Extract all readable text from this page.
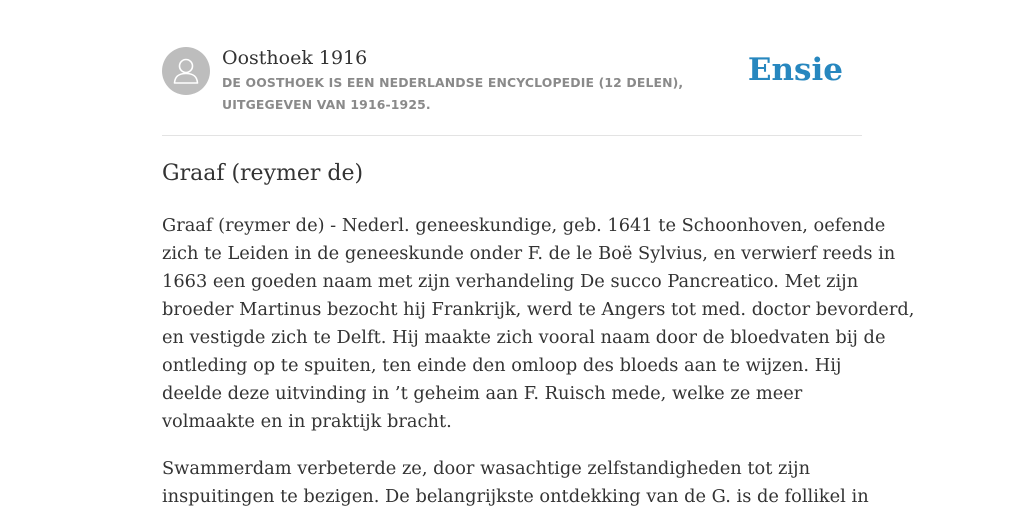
Oosthoek 1916
DE OOSTHOEK IS EEN NEDERLANDSE ENCYCLOPEDIE (12 DELEN), UITGEGEVEN VAN 1916-1925.
Ensie
Graaf (reymer de)

Graaf (reymer de) - Nederl. geneeskundige, geb. 1641 te Schoonhoven, oefende
zich te Leiden in de geneeskunde onder F. de le Boë Sylvius, en verwierf reeds in
1663 een goeden naam met zijn verhandeling De succo Pancreatico. Met zijn
broeder Martinus bezocht hij Frankrijk, werd te Angers tot med. doctor bevorderd,
en vestigde zich te Delft. Hij maakte zich vooral naam door de bloedvaten bij de
ontleding op te spuiten, ten einde den omloop des bloeds aan te wijzen. Hij
deelde deze uitvinding in ’t geheim aan F. Ruisch mede, welke ze meer
volmaakte en in praktijk bracht.

Swammerdam verbeterde ze, door wasachtige zelfstandigheden tot zijn
inspuitingen te bezigen. De belangrijkste ontdekking van de G. is de follikel in
